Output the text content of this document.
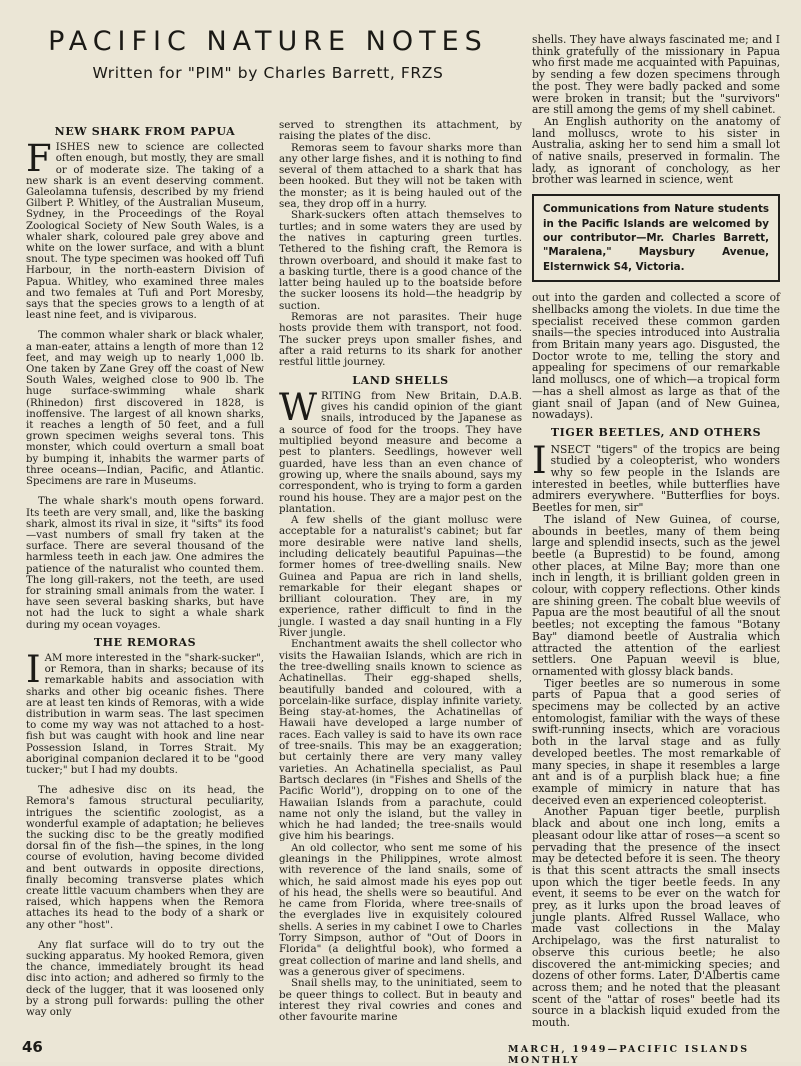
PACIFIC NATURE NOTES
Written for "PIM" by Charles Barrett, FRZS
NEW SHARK FROM PAPUA

FISHES new to science are collected often enough, but mostly, they are small or of moderate size. The taking of a new shark is an event deserving comment. Galeolamna tufensis, described by my friend Gilbert P. Whitley, of the Australian Museum, Sydney, in the Proceedings of the Royal Zoological Society of New South Wales, is a whaler shark, coloured pale grey above and white on the lower surface, and with a blunt snout. The type specimen was hooked off Tufi Harbour, in the north-eastern Division of Papua. Whitley, who examined three males and two females at Tufi and Port Moresby, says that the species grows to a length of at least nine feet, and is viviparous.

The common whaler shark or black whaler, a man-eater, attains a length of more than 12 feet, and may weigh up to nearly 1,000 lb. One taken by Zane Grey off the coast of New South Wales, weighed close to 900 lb. The huge surface-swimming whale shark (Rhinedon) first discovered in 1828, is inoffensive. The largest of all known sharks, it reaches a length of 50 feet, and a full grown specimen weighs several tons. This monster, which could overturn a small boat by bumping it, inhabits the warmer parts of three oceans—Indian, Pacific, and Atlantic. Specimens are rare in Museums.

The whale shark's mouth opens forward. Its teeth are very small, and, like the basking shark, almost its rival in size, it "sifts" its food—vast numbers of small fry taken at the surface. There are several thousand of the harmless teeth in each jaw. One admires the patience of the naturalist who counted them. The long gill-rakers, not the teeth, are used for straining small animals from the water. I have seen several basking sharks, but have not had the luck to sight a whale shark during my ocean voyages.

THE REMORAS

IAM more interested in the "shark-sucker", or Remora, than in sharks; because of its remarkable habits and association with sharks and other big oceanic fishes. There are at least ten kinds of Remoras, with a wide distribution in warm seas. The last specimen to come my way was not attached to a host-fish but was caught with hook and line near Possession Island, in Torres Strait. My aboriginal companion declared it to be "good tucker;" but I had my doubts.

The adhesive disc on its head, the Remora's famous structural peculiarity, intrigues the scientific zoologist, as a wonderful example of adaptation; he believes the sucking disc to be the greatly modified dorsal fin of the fish—the spines, in the long course of evolution, having become divided and bent outwards in opposite directions, finally becoming transverse plates which create little vacuum chambers when they are raised, which happens when the Remora attaches its head to the body of a shark or any other "host".

Any flat surface will do to try out the sucking apparatus. My hooked Remora, given the chance, immediately brought its head disc into action; and adhered so firmly to the deck of the lugger, that it was loosened only by a strong pull forwards: pulling the other way only

served to strengthen its attachment, by raising the plates of the disc.

Remoras seem to favour sharks more than any other large fishes, and it is nothing to find several of them attached to a shark that has been hooked. But they will not be taken with the monster; as it is being hauled out of the sea, they drop off in a hurry.

Shark-suckers often attach themselves to turtles; and in some waters they are used by the natives in capturing green turtles. Tethered to the fishing craft, the Remora is thrown overboard, and should it make fast to a basking turtle, there is a good chance of the latter being hauled up to the boatside before the sucker loosens its hold—the headgrip by suction.

Remoras are not parasites. Their huge hosts provide them with transport, not food. The sucker preys upon smaller fishes, and after a raid returns to its shark for another restful little journey.

LAND SHELLS

WRITING from New Britain, D.A.B. gives his candid opinion of the giant snails, introduced by the Japanese as a source of food for the troops. They have multiplied beyond measure and become a pest to planters. Seedlings, however well guarded, have less than an even chance of growing up, where the snails abound, says my correspondent, who is trying to form a garden round his house. They are a major pest on the plantation.

A few shells of the giant mollusc were acceptable for a naturalist's cabinet; but far more desirable were native land shells, including delicately beautiful Papuinas—the former homes of tree-dwelling snails. New Guinea and Papua are rich in land shells, remarkable for their elegant shapes or brilliant colouration. They are, in my experience, rather difficult to find in the jungle. I wasted a day snail hunting in a Fly River jungle.

Enchantment awaits the shell collector who visits the Hawaiian Islands, which are rich in the tree-dwelling snails known to science as Achatinellas. Their egg-shaped shells, beautifully banded and coloured, with a porcelain-like surface, display infinite variety. Being stay-at-homes, the Achatinellas of Hawaii have developed a large number of races. Each valley is said to have its own race of tree-snails. This may be an exaggeration; but certainly there are very many valley varieties. An Achatinella specialist, as Paul Bartsch declares (in "Fishes and Shells of the Pacific World"), dropping on to one of the Hawaiian Islands from a parachute, could name not only the island, but the valley in which he had landed; the tree-snails would give him his bearings.

An old collector, who sent me some of his gleanings in the Philippines, wrote almost with reverence of the land snails, some of which, he said almost made his eyes pop out of his head, the shells were so beautiful. And he came from Florida, where tree-snails of the everglades live in exquisitely coloured shells. A series in my cabinet I owe to Charles Torry Simpson, author of "Out of Doors in Florida" (a delightful book), who formed a great collection of marine and land shells, and was a generous giver of specimens.

Snail shells may, to the uninitiated, seem to be queer things to collect. But in beauty and interest they rival cowries and cones and other favourite marine

shells. They have always fascinated me; and I think gratefully of the missionary in Papua who first made me acquainted with Papuinas, by sending a few dozen specimens through the post. They were badly packed and some were broken in transit; but the "survivors" are still among the gems of my shell cabinet.

An English authority on the anatomy of land molluscs, wrote to his sister in Australia, asking her to send him a small lot of native snails, preserved in formalin. The lady, as ignorant of conchology, as her brother was learned in science, went

Communications from Nature students in the Pacific Islands are welcomed by our contributor—Mr. Charles Barrett, "Maralena," Maysbury Avenue, Elsternwick S4, Victoria.

out into the garden and collected a score of shellbacks among the violets. In due time the specialist received these common garden snails—the species introduced into Australia from Britain many years ago. Disgusted, the Doctor wrote to me, telling the story and appealing for specimens of our remarkable land molluscs, one of which—a tropical form—has a shell almost as large as that of the giant snail of Japan (and of New Guinea, nowadays).

TIGER BEETLES, AND OTHERS

INSECT "tigers" of the tropics are being studied by a coleopterist, who wonders why so few people in the Islands are interested in beetles, while butterflies have admirers everywhere. "Butterflies for boys. Beetles for men, sir"

The island of New Guinea, of course, abounds in beetles, many of them being large and splendid insects, such as the jewel beetle (a Buprestid) to be found, among other places, at Milne Bay; more than one inch in length, it is brilliant golden green in colour, with coppery reflections. Other kinds are shining green. The cobalt blue weevils of Papua are the most beautiful of all the snout beetles; not excepting the famous "Botany Bay" diamond beetle of Australia which attracted the attention of the earliest settlers. One Papuan weevil is blue, ornamented with glossy black bands.

Tiger beetles are so numerous in some parts of Papua that a good series of specimens may be collected by an active entomologist, familiar with the ways of these swift-running insects, which are voracious both in the larval stage and as fully developed beetles. The most remarkable of many species, in shape it resembles a large ant and is of a purplish black hue; a fine example of mimicry in nature that has deceived even an experienced coleopterist.

Another Papuan tiger beetle, purplish black and about one inch long, emits a pleasant odour like attar of roses—a scent so pervading that the presence of the insect may be detected before it is seen. The theory is that this scent attracts the small insects upon which the tiger beetle feeds. In any event, it seems to be ever on the watch for prey, as it lurks upon the broad leaves of jungle plants. Alfred Russel Wallace, who made vast collections in the Malay Archipelago, was the first naturalist to observe this curious beetle; he also discovered the ant-mimicking species; and dozens of other forms. Later, D'Albertis came across them; and he noted that the pleasant scent of the "attar of roses" beetle had its source in a blackish liquid exuded from the mouth.

46	MARCH, 1949—PACIFIC ISLANDS MONTHLY
